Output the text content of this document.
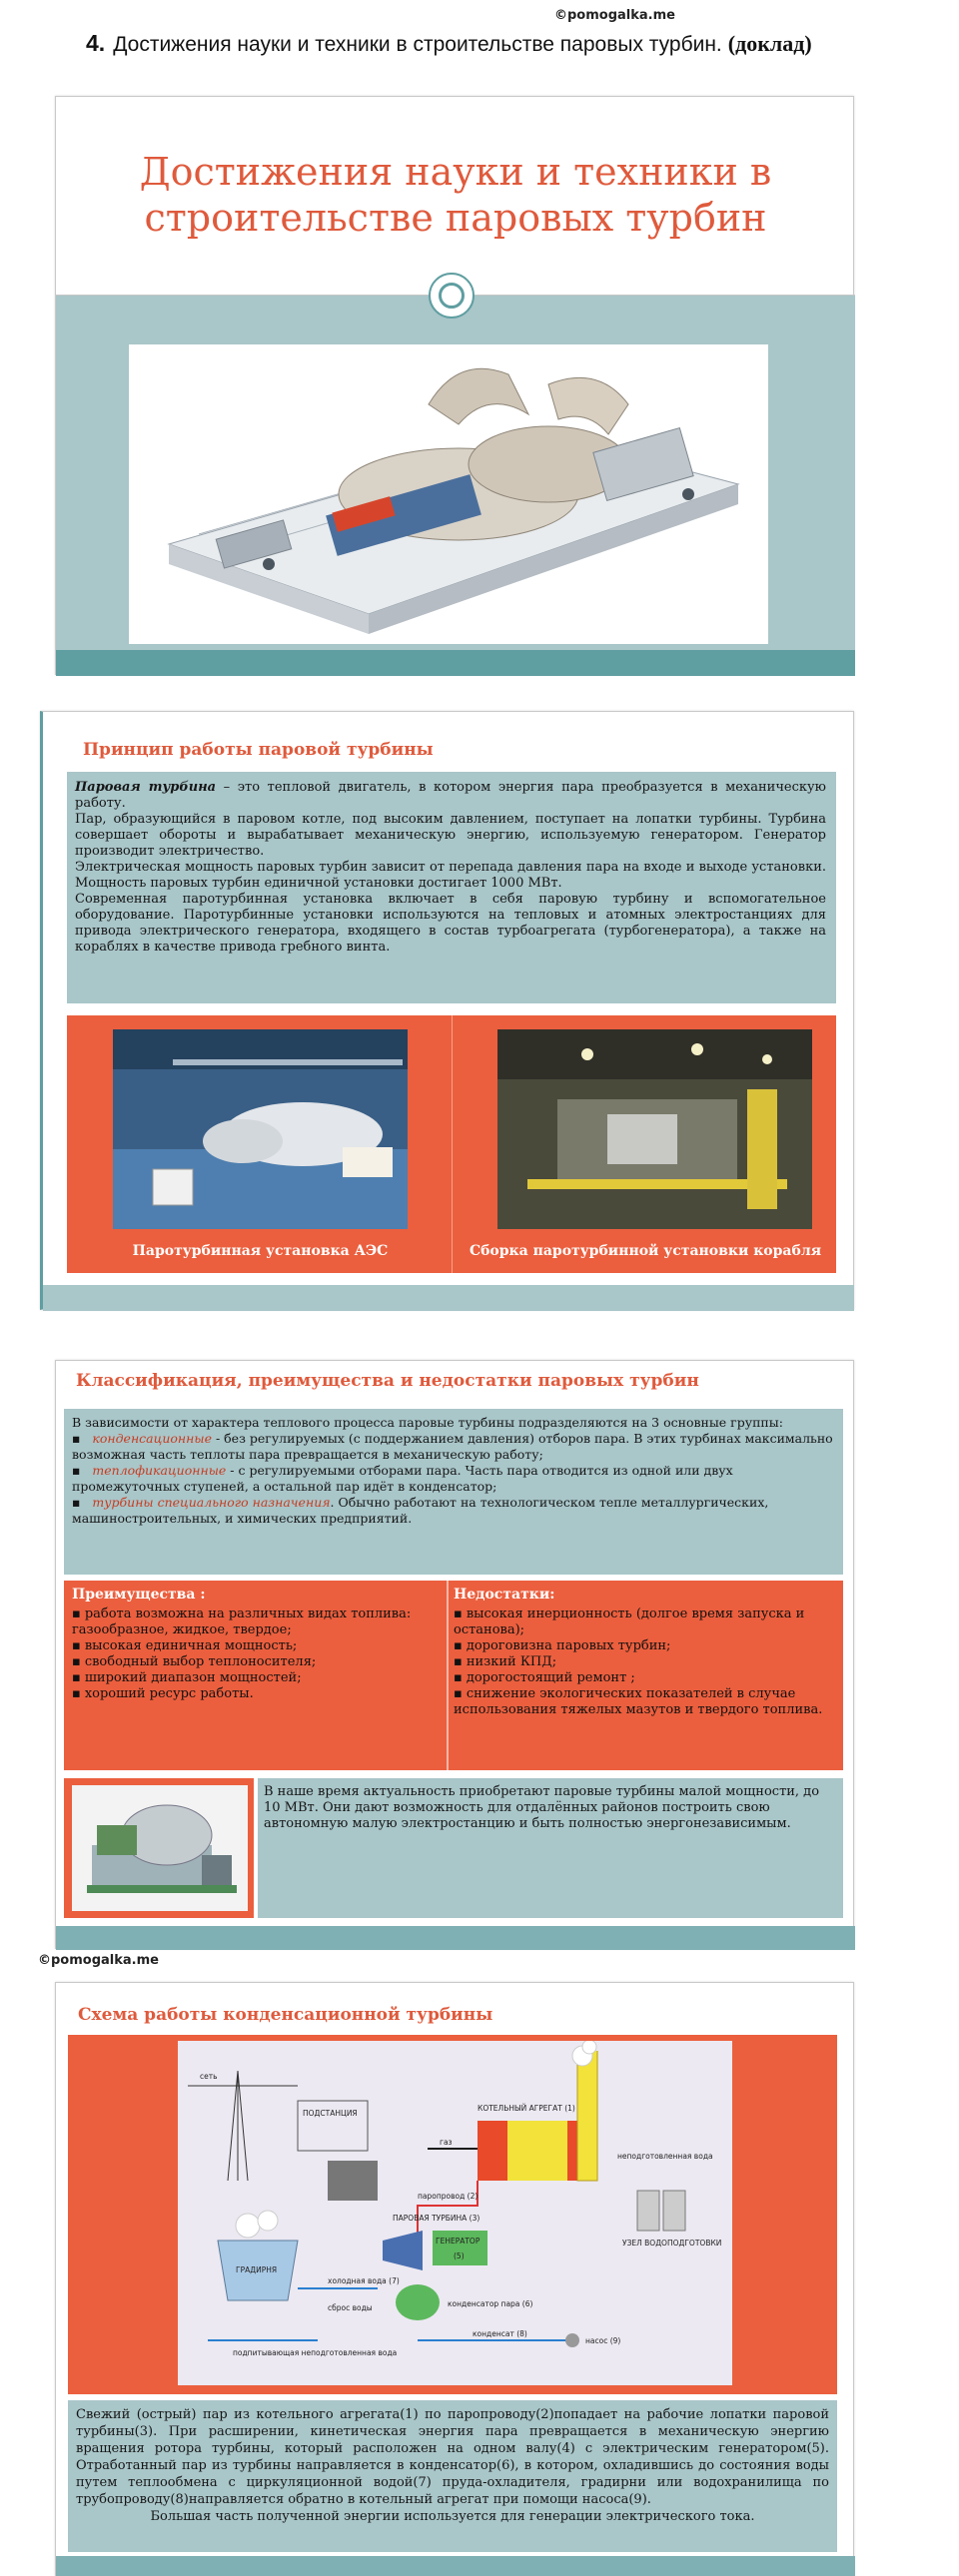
©pomogalka.me
4. Достижения науки и техники в строительстве паровых турбин. (доклад)
Достижения науки и техники в
строительстве паровых турбин
Принцип работы паровой турбины
Паровая турбина – это тепловой двигатель, в котором энергия пара преобразуется в механическую работу.
Пар, образующийся в паровом котле, под высоким давлением, поступает на лопатки турбины. Турбина совершает обороты и вырабатывает механическую энергию, используемую генератором. Генератор производит электричество.
Электрическая мощность паровых турбин зависит от перепада давления пара на входе и выходе установки. Мощность паровых турбин единичной установки достигает 1000 МВт.
Современная паротурбинная установка включает в себя паровую турбину и вспомогательное оборудование. Паротурбинные установки используются на тепловых и атомных электростанциях для привода электрического генератора, входящего в состав турбоагрегата (турбогенератора), а также на кораблях в качестве привода гребного винта.
Паротурбинная установка АЭС	Сборка паротурбинной установки корабля
Классификация, преимущества и недостатки паровых турбин
В зависимости от характера теплового процесса паровые турбины подразделяются на 3 основные группы:
▪   конденсационные - без регулируемых (с поддержанием давления) отборов пара. В этих турбинах максимально возможная часть теплоты пара превращается в механическую работу;
▪   теплофикационные - с регулируемыми отборами пара. Часть пара отводится из одной или двух промежуточных ступеней, а остальной пар идёт в конденсатор;
▪   турбины специального назначения. Обычно работают на технологическом тепле металлургических, машиностроительных, и химических предприятий.
Преимущества :
▪ работа возможна на различных видах топлива: газообразное, жидкое, твердое;
▪ высокая единичная мощность;
▪ свободный выбор теплоносителя;
▪ широкий диапазон мощностей;
▪ хороший ресурс работы.
Недостатки:
▪ высокая инерционность (долгое время запуска и останова);
▪ дороговизна паровых турбин;
▪ низкий КПД;
▪ дорогостоящий ремонт ;
▪ снижение экологических показателей в случае использования тяжелых мазутов и твердого топлива.
В наше время актуальность приобретают паровые турбины малой мощности, до 10 МВт. Они дают возможность для отдалённых районов построить свою автономную малую электростанцию и быть полностью энергонезависимым.
©pomogalka.me
Схема работы конденсационной турбины
сеть
ПОДСТАНЦИЯ
газ
КОТЕЛЬНЫЙ АГРЕГАТ (1)
паропровод (2)
ПАРОВАЯ ТУРБИНА (3)
ГЕНЕРАТОР
(5)
неподготовленная вода
УЗЕЛ ВОДОПОДГОТОВКИ
ГРАДИРНЯ
холодная вода (7)
сброс воды	конденсатор пара (6)
конденсат (8)
насос (9)
подпитывающая неподготовленная вода
Свежий (острый) пар из котельного агрегата(1) по паропроводу(2)попадает на рабочие лопатки паровой турбины(3). При расширении, кинетическая энергия пара превращается в механическую энергию вращения ротора турбины, который расположен на одном валу(4) с электрическим генератором(5). Отработанный пар из турбины направляется в конденсатор(6), в котором, охладившись до состояния воды путем теплообмена с циркуляционной водой(7) пруда-охладителя, градирни или водохранилища по трубопроводу(8)направляется обратно в котельный агрегат при помощи насоса(9).
Большая часть полученной энергии используется для генерации электрического тока.
